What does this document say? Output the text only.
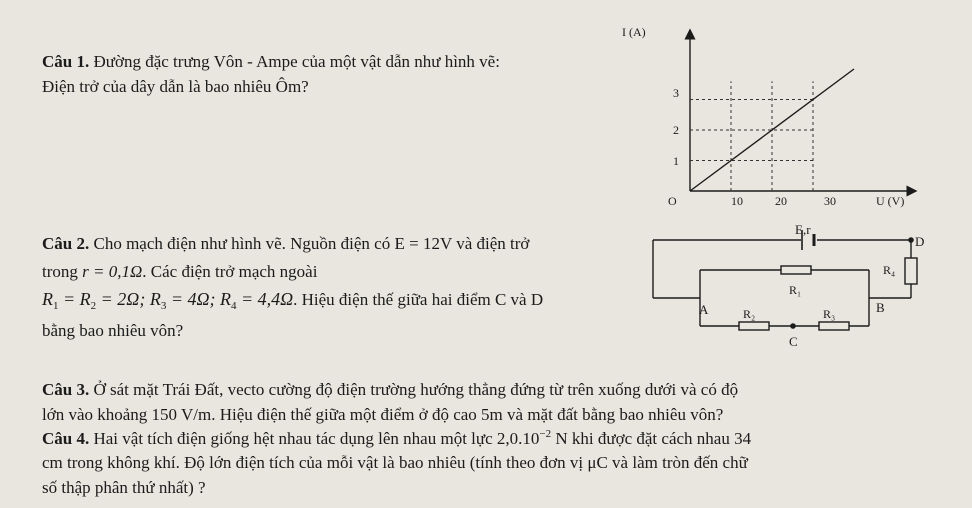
Câu 1. Đường đặc trưng Vôn - Ampe của một vật dẫn như hình vẽ:
Điện trở của dây dẫn là bao nhiêu Ôm?
I (A)
U (V)
O	10	20	30
1
2
3
Câu 2. Cho mạch điện như hình vẽ. Nguồn điện có E = 12V và điện trở
trong r = 0,1Ω. Các điện trở mạch ngoài
$R_1 = R_2 = 2\Omega$; $R_3 = 4\Omega$; $R_4 = 4,4\Omega$. Hiệu điện thế giữa hai điểm C và D
bằng bao nhiêu vôn?
E,r
D
R₄
R₁
A	R₂	R₃	B
C
Câu 3. Ở sát mặt Trái Đất, vecto cường độ điện trường hướng thẳng đứng từ trên xuống dưới và có độ
lớn vào khoảng 150 V/m. Hiệu điện thế giữa một điểm ở độ cao 5m và mặt đất bằng bao nhiêu vôn?
Câu 4. Hai vật tích điện giống hệt nhau tác dụng lên nhau một lực $2,0.10^{-2}$ N khi được đặt cách nhau 34
cm trong không khí. Độ lớn điện tích của mỗi vật là bao nhiêu (tính theo đơn vị μC và làm tròn đến chữ
số thập phân thứ nhất) ?
